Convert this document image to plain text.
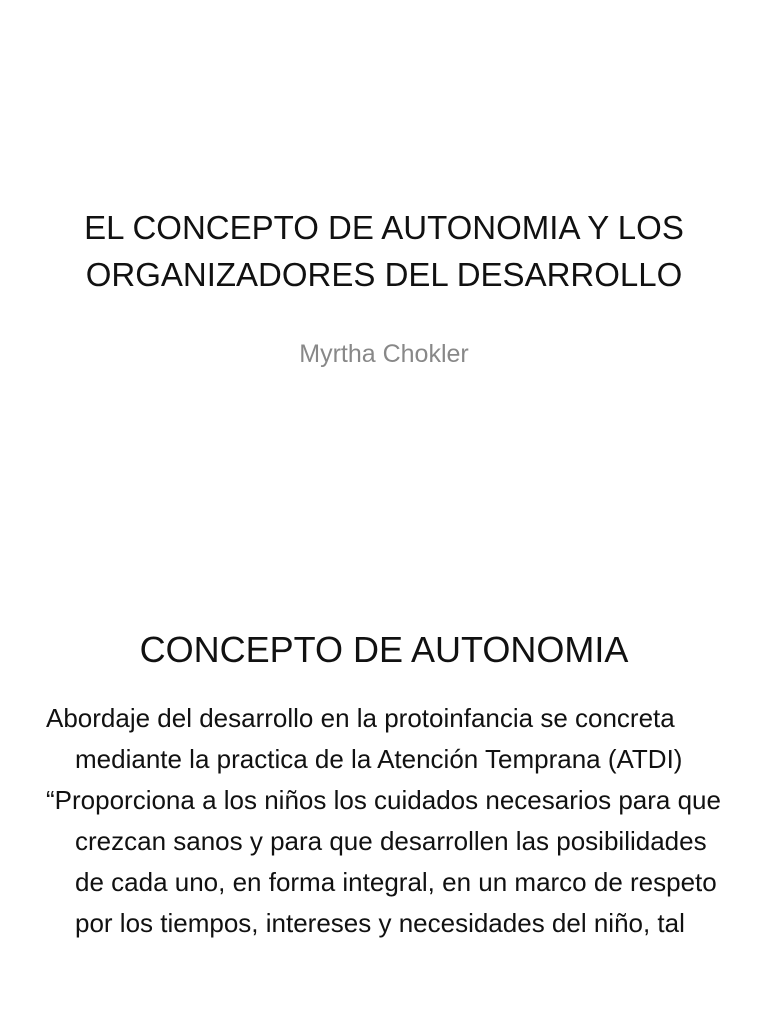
EL CONCEPTO DE AUTONOMIA Y LOS ORGANIZADORES DEL DESARROLLO
Myrtha Chokler
CONCEPTO DE AUTONOMIA

Abordaje del desarrollo en la protoinfancia se concreta mediante la practica de la Atención Temprana (ATDI)

“Proporciona a los niños los cuidados necesarios para que crezcan sanos y para que desarrollen las posibilidades de cada uno, en forma integral, en un marco de respeto por los tiempos, intereses y necesidades del niño, tal
